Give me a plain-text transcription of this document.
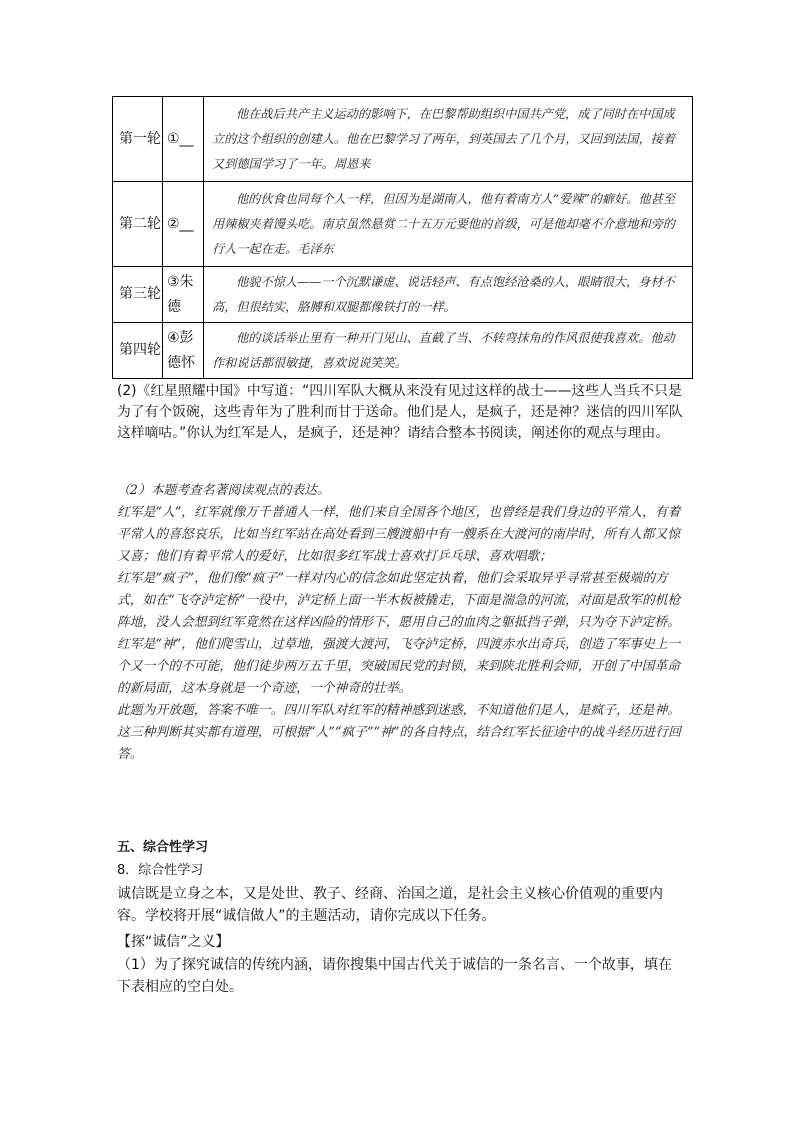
第一轮	①__	他在战后共产主义运动的影响下，在巴黎帮助组织中国共产党，成了同时在中国成立的这个组织的创建人。他在巴黎学习了两年，到英国去了几个月，又回到法国，接着又到德国学习了一年。周恩来
第二轮	②__	他的伙食也同每个人一样，但因为是湖南人，他有着南方人“爱辣”的癖好。他甚至用辣椒夹着馒头吃。南京虽然悬赏二十五万元要他的首级，可是他却毫不介意地和旁的行人一起在走。毛泽东
第三轮	③朱德	他貌不惊人——一个沉默谦虚、说话轻声、有点饱经沧桑的人，眼睛很大，身材不高，但很结实，胳膊和双腿都像铁打的一样。
第四轮	④彭德怀	他的谈话举止里有一种开门见山、直截了当、不转弯抹角的作风很使我喜欢。他动作和说话都很敏捷，喜欢说说笑笑。
(2)《红星照耀中国》中写道：“四川军队大概从来没有见过这样的战士——这些人当兵不只是为了有个饭碗，这些青年为了胜利而甘于送命。他们是人，是疯子，还是神？迷信的四川军队这样嘀咕。”你认为红军是人，是疯子，还是神？请结合整本书阅读，阐述你的观点与理由。

（2）本题考查名著阅读观点的表达。

红军是“人”，红军就像万千普通人一样，他们来自全国各个地区，也曾经是我们身边的平常人，有着平常人的喜怒哀乐，比如当红军站在高处看到三艘渡船中有一艘系在大渡河的南岸时，所有人都又惊又喜；他们有着平常人的爱好，比如很多红军战士喜欢打乒乓球、喜欢唱歌；

红军是“疯子”，他们像“疯子”一样对内心的信念如此坚定执着，他们会采取异乎寻常甚至极端的方式，如在“飞夺泸定桥”一役中，泸定桥上面一半木板被撬走，下面是湍急的河流，对面是敌军的机枪阵地，没人会想到红军竟然在这样凶险的情形下，愿用自己的血肉之躯抵挡子弹，只为夺下泸定桥。

红军是“神”，他们爬雪山，过草地，强渡大渡河，飞夺泸定桥，四渡赤水出奇兵，创造了军事史上一个又一个的不可能，他们徒步两万五千里，突破国民党的封锁，来到陕北胜利会师，开创了中国革命的新局面，这本身就是一个奇迹，一个神奇的壮举。

此题为开放题，答案不唯一。四川军队对红军的精神感到迷惑，不知道他们是人，是疯子，还是神。这三种判断其实都有道理，可根据“人”“疯子”“神”的各自特点，结合红军长征途中的战斗经历进行回答。

五、综合性学习
8．综合性学习
诚信既是立身之本，又是处世、教子、经商、治国之道，是社会主义核心价值观的重要内容。学校将开展“诚信做人”的主题活动，请你完成以下任务。
【探“诚信”之义】
（1）为了探究诚信的传统内涵，请你搜集中国古代关于诚信的一条名言、一个故事，填在下表相应的空白处。
